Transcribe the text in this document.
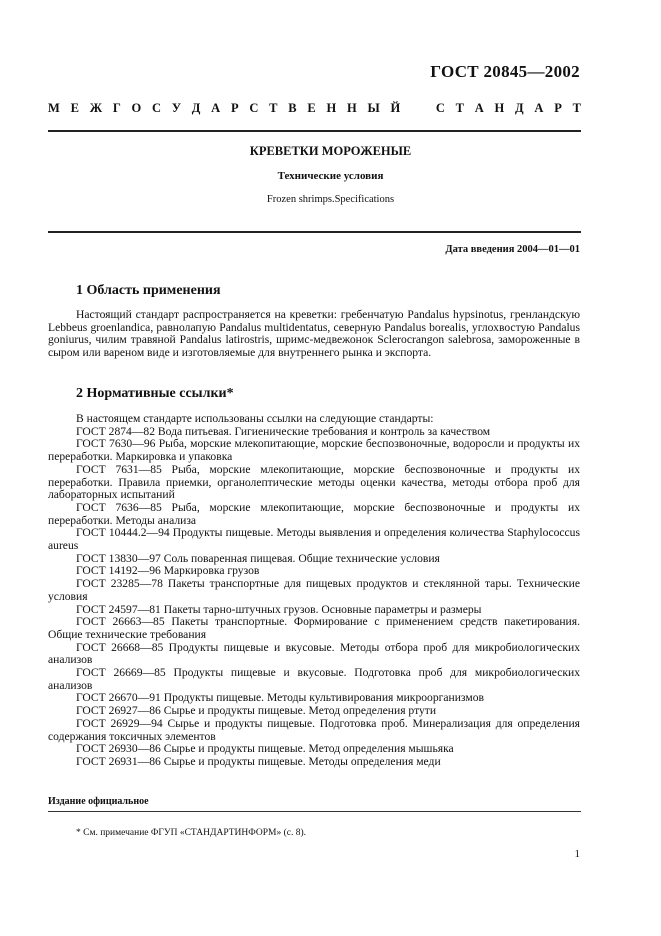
ГОСТ 20845—2002
М Е Ж Г О С У Д А Р С Т В Е Н Н Ы Й
	С Т А Н Д А Р Т
КРЕВЕТКИ МОРОЖЕНЫЕ
Технические условия
Frozen shrimps.Specifications
Дата введения 2004—01—01
1 Область применения

Настоящий стандарт распространяется на креветки: гребенчатую Pandalus hypsinotus, гренландскую Lebbeus groenlandica, равнолапую Pandalus multidentatus, северную Pandalus borealis, углохвостую Pandalus goniurus, чилим травяной Pandalus latirostris, шримс-медвежонок Sclerocrangon salebrosa, замороженные в сыром или вареном виде и изготовляемые для внутреннего рынка и экспорта.

2 Нормативные ссылки*

В настоящем стандарте использованы ссылки на следующие стандарты:

ГОСТ 2874—82 Вода питьевая. Гигиенические требования и контроль за качеством

ГОСТ 7630—96 Рыба, морские млекопитающие, морские беспозвоночные, водоросли и продукты их переработки. Маркировка и упаковка

ГОСТ 7631—85 Рыба, морские млекопитающие, морские беспозвоночные и продукты их переработки. Правила приемки, органолептические методы оценки качества, методы отбора проб для лабораторных испытаний

ГОСТ 7636—85 Рыба, морские млекопитающие, морские беспозвоночные и продукты их переработки. Методы анализа

ГОСТ 10444.2—94 Продукты пищевые. Методы выявления и определения количества Staphylococcus aureus

ГОСТ 13830—97 Соль поваренная пищевая. Общие технические условия

ГОСТ 14192—96 Маркировка грузов

ГОСТ 23285—78 Пакеты транспортные для пищевых продуктов и стеклянной тары. Технические условия

ГОСТ 24597—81 Пакеты тарно-штучных грузов. Основные параметры и размеры

ГОСТ 26663—85 Пакеты транспортные. Формирование с применением средств пакетирования. Общие технические требования

ГОСТ 26668—85 Продукты пищевые и вкусовые. Методы отбора проб для микробиологических анализов

ГОСТ 26669—85 Продукты пищевые и вкусовые. Подготовка проб для микробиологических анализов

ГОСТ 26670—91 Продукты пищевые. Методы культивирования микроорганизмов

ГОСТ 26927—86 Сырье и продукты пищевые. Метод определения ртути

ГОСТ 26929—94 Сырье и продукты пищевые. Подготовка проб. Минерализация для определения содержания токсичных элементов

ГОСТ 26930—86 Сырье и продукты пищевые. Метод определения мышьяка

ГОСТ 26931—86 Сырье и продукты пищевые. Методы определения меди

Издание официальное
* См. примечание ФГУП «СТАНДАРТИНФОРМ» (с. 8).
1
